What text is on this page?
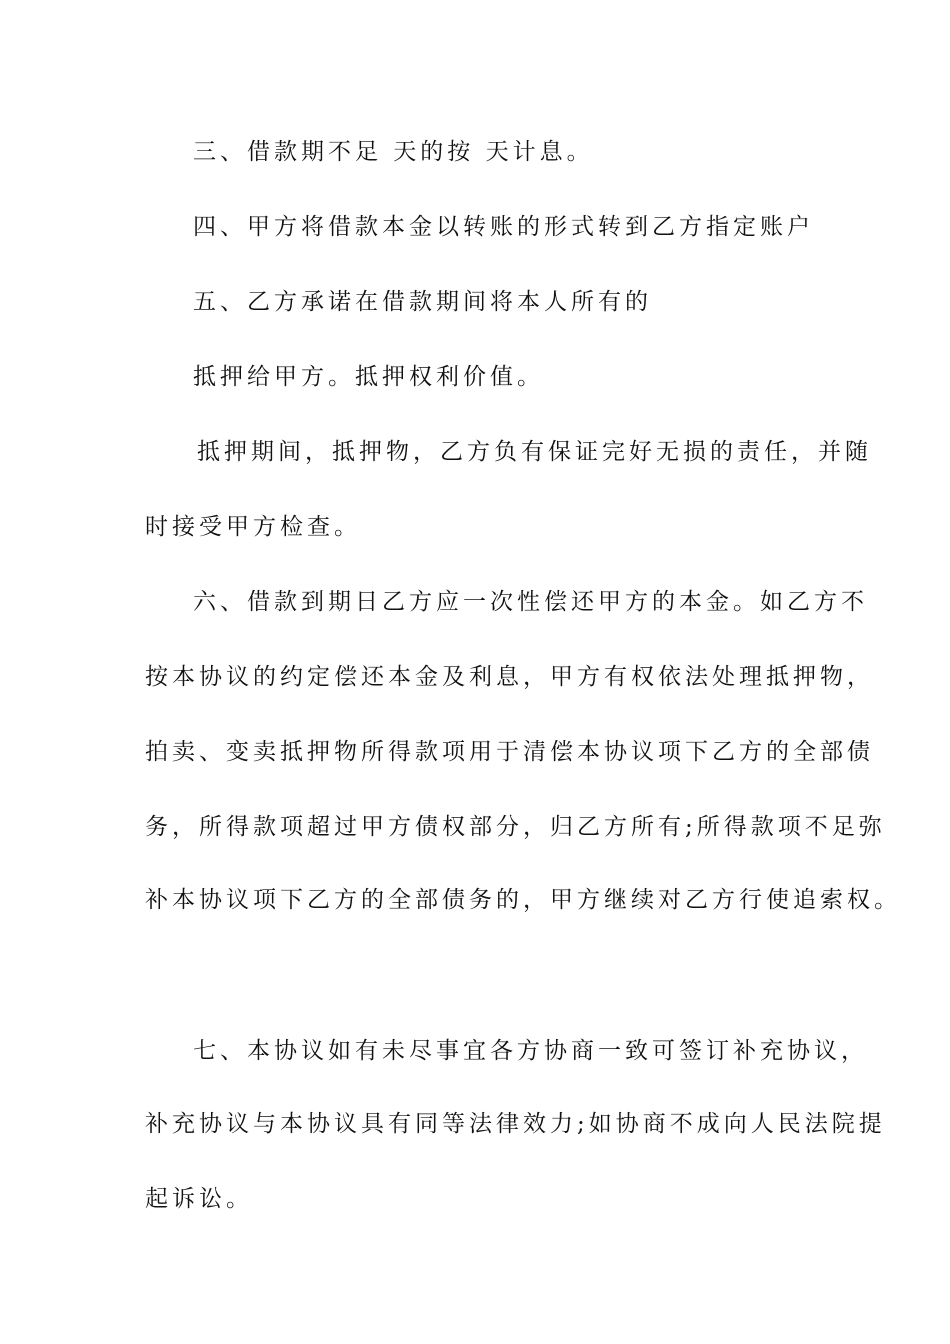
三、借款期不足 天的按 天计息。
四、甲方将借款本金以转账的形式转到乙方指定账户
五、乙方承诺在借款期间将本人所有的
抵押给甲方。抵押权利价值。
抵押期间，抵押物，乙方负有保证完好无损的责任，并随
时接受甲方检查。
六、借款到期日乙方应一次性偿还甲方的本金。如乙方不
按本协议的约定偿还本金及利息，甲方有权依法处理抵押物，
拍卖、变卖抵押物所得款项用于清偿本协议项下乙方的全部债
务，所得款项超过甲方债权部分，归乙方所有;所得款项不足弥
补本协议项下乙方的全部债务的，甲方继续对乙方行使追索权。
七、本协议如有未尽事宜各方协商一致可签订补充协议，
补充协议与本协议具有同等法律效力;如协商不成向人民法院提
起诉讼。
